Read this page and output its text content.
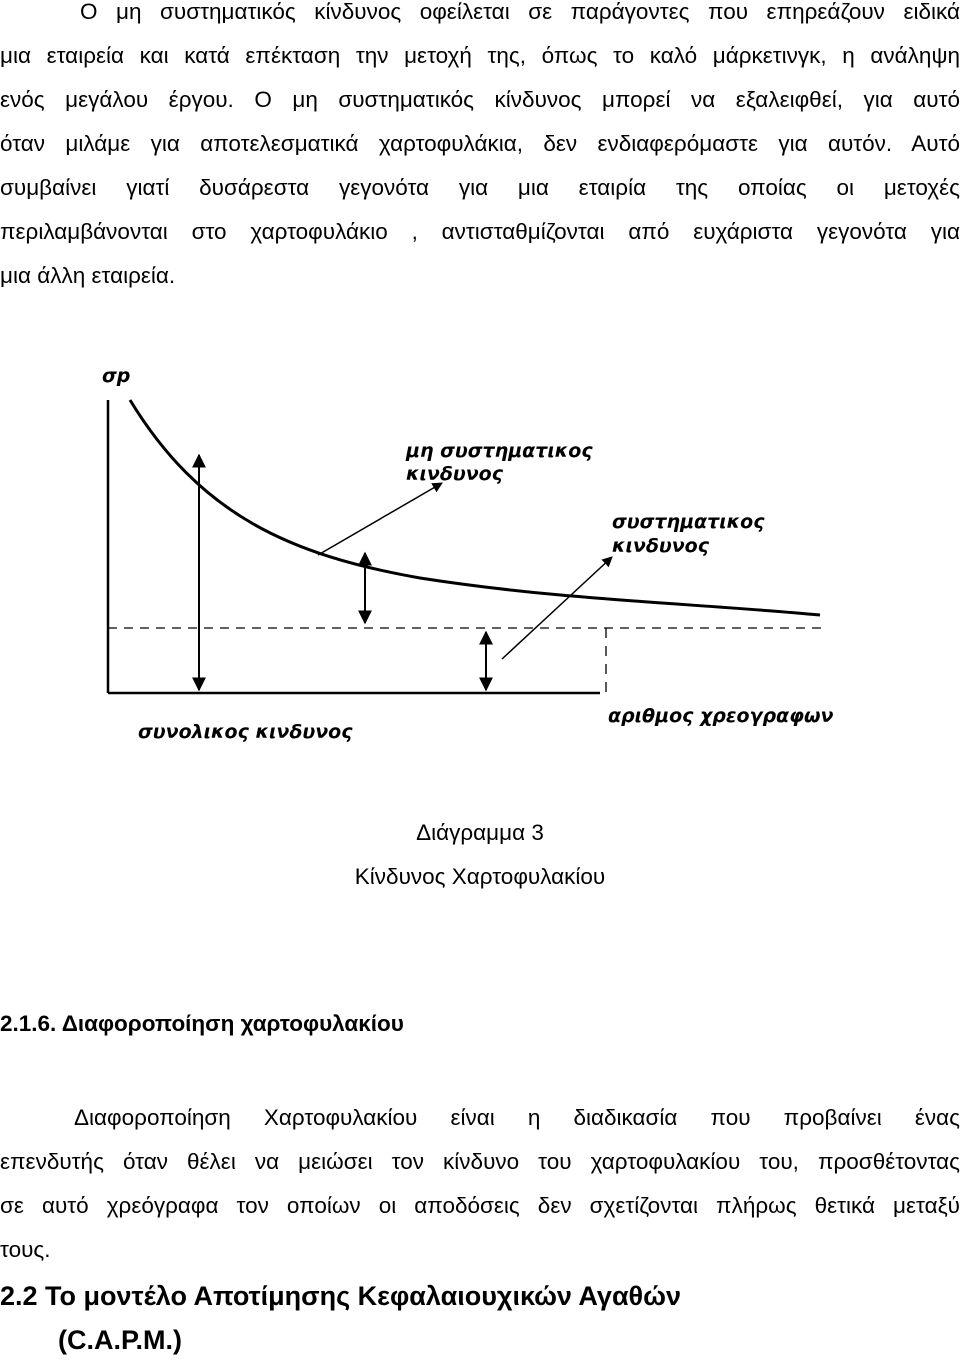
Ο μη συστηματικός κίνδυνος οφείλεται σε παράγοντες που επηρεάζουν ειδικά
μια εταιρεία και κατά επέκταση την μετοχή της, όπως το καλό μάρκετινγκ, η ανάληψη
ενός μεγάλου έργου. Ο μη συστηματικός κίνδυνος μπορεί να εξαλειφθεί, για αυτό
όταν μιλάμε για αποτελεσματικά χαρτοφυλάκια, δεν ενδιαφερόμαστε για αυτόν. Αυτό
συμβαίνει γιατί δυσάρεστα γεγονότα για μια εταιρία της οποίας οι μετοχές
περιλαμβάνονται στο χαρτοφυλάκιο , αντισταθμίζονται από ευχάριστα γεγονότα για
μια άλλη εταιρεία.
σp
μη συστηματικος
κινδυνος
συστηματικος
κινδυνος
συνολικος κινδυνος
αριθμος χρεογραφων
Διάγραμμα 3
Κίνδυνος Χαρτοφυλακίου
2.1.6. Διαφοροποίηση χαρτοφυλακίου
Διαφοροποίηση Χαρτοφυλακίου είναι η διαδικασία που προβαίνει ένας
επενδυτής όταν θέλει να μειώσει τον κίνδυνο του χαρτοφυλακίου του, προσθέτοντας
σε αυτό χρεόγραφα τον οποίων οι αποδόσεις δεν σχετίζονται πλήρως θετικά μεταξύ
τους.
2.2 Το μοντέλο Αποτίμησης Κεφαλαιουχικών Αγαθών
(C.A.P.M.)
